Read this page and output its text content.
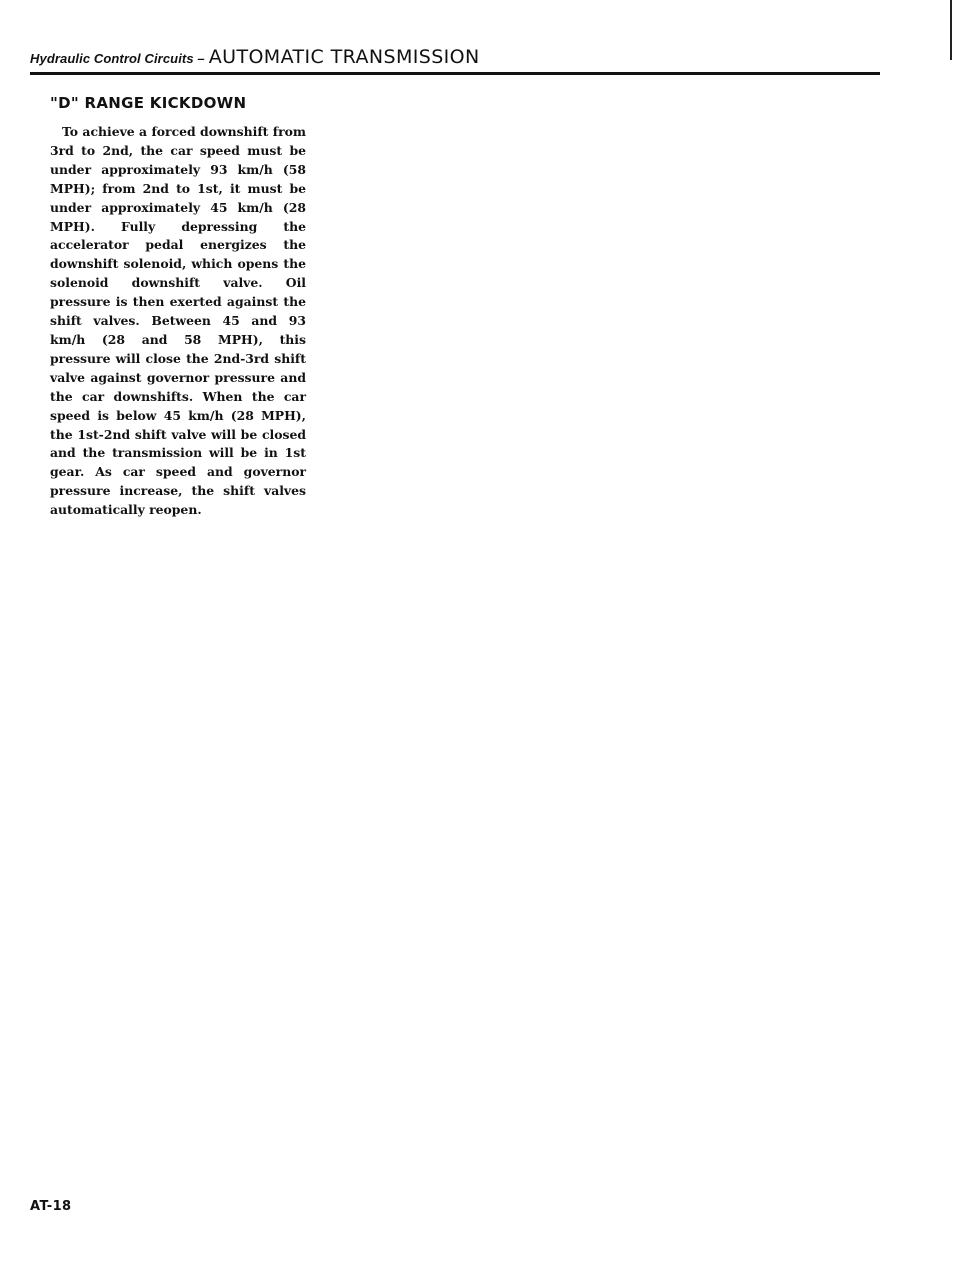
Hydraulic Control Circuits – AUTOMATIC TRANSMISSION
"D" RANGE KICKDOWN

To achieve a forced downshift from 3rd to 2nd, the car speed must be under approximately 93 km/h (58 MPH); from 2nd to 1st, it must be under approximately 45 km/h (28 MPH). Fully depressing the accelerator pedal energizes the downshift solenoid, which opens the solenoid downshift valve. Oil pressure is then exerted against the shift valves. Between 45 and 93 km/h (28 and 58 MPH), this pressure will close the 2nd-3rd shift valve against governor pressure and the car downshifts. When the car speed is below 45 km/h (28 MPH), the 1st-2nd shift valve will be closed and the transmission will be in 1st gear. As car speed and governor pressure increase, the shift valves automatically reopen.

AT-18
